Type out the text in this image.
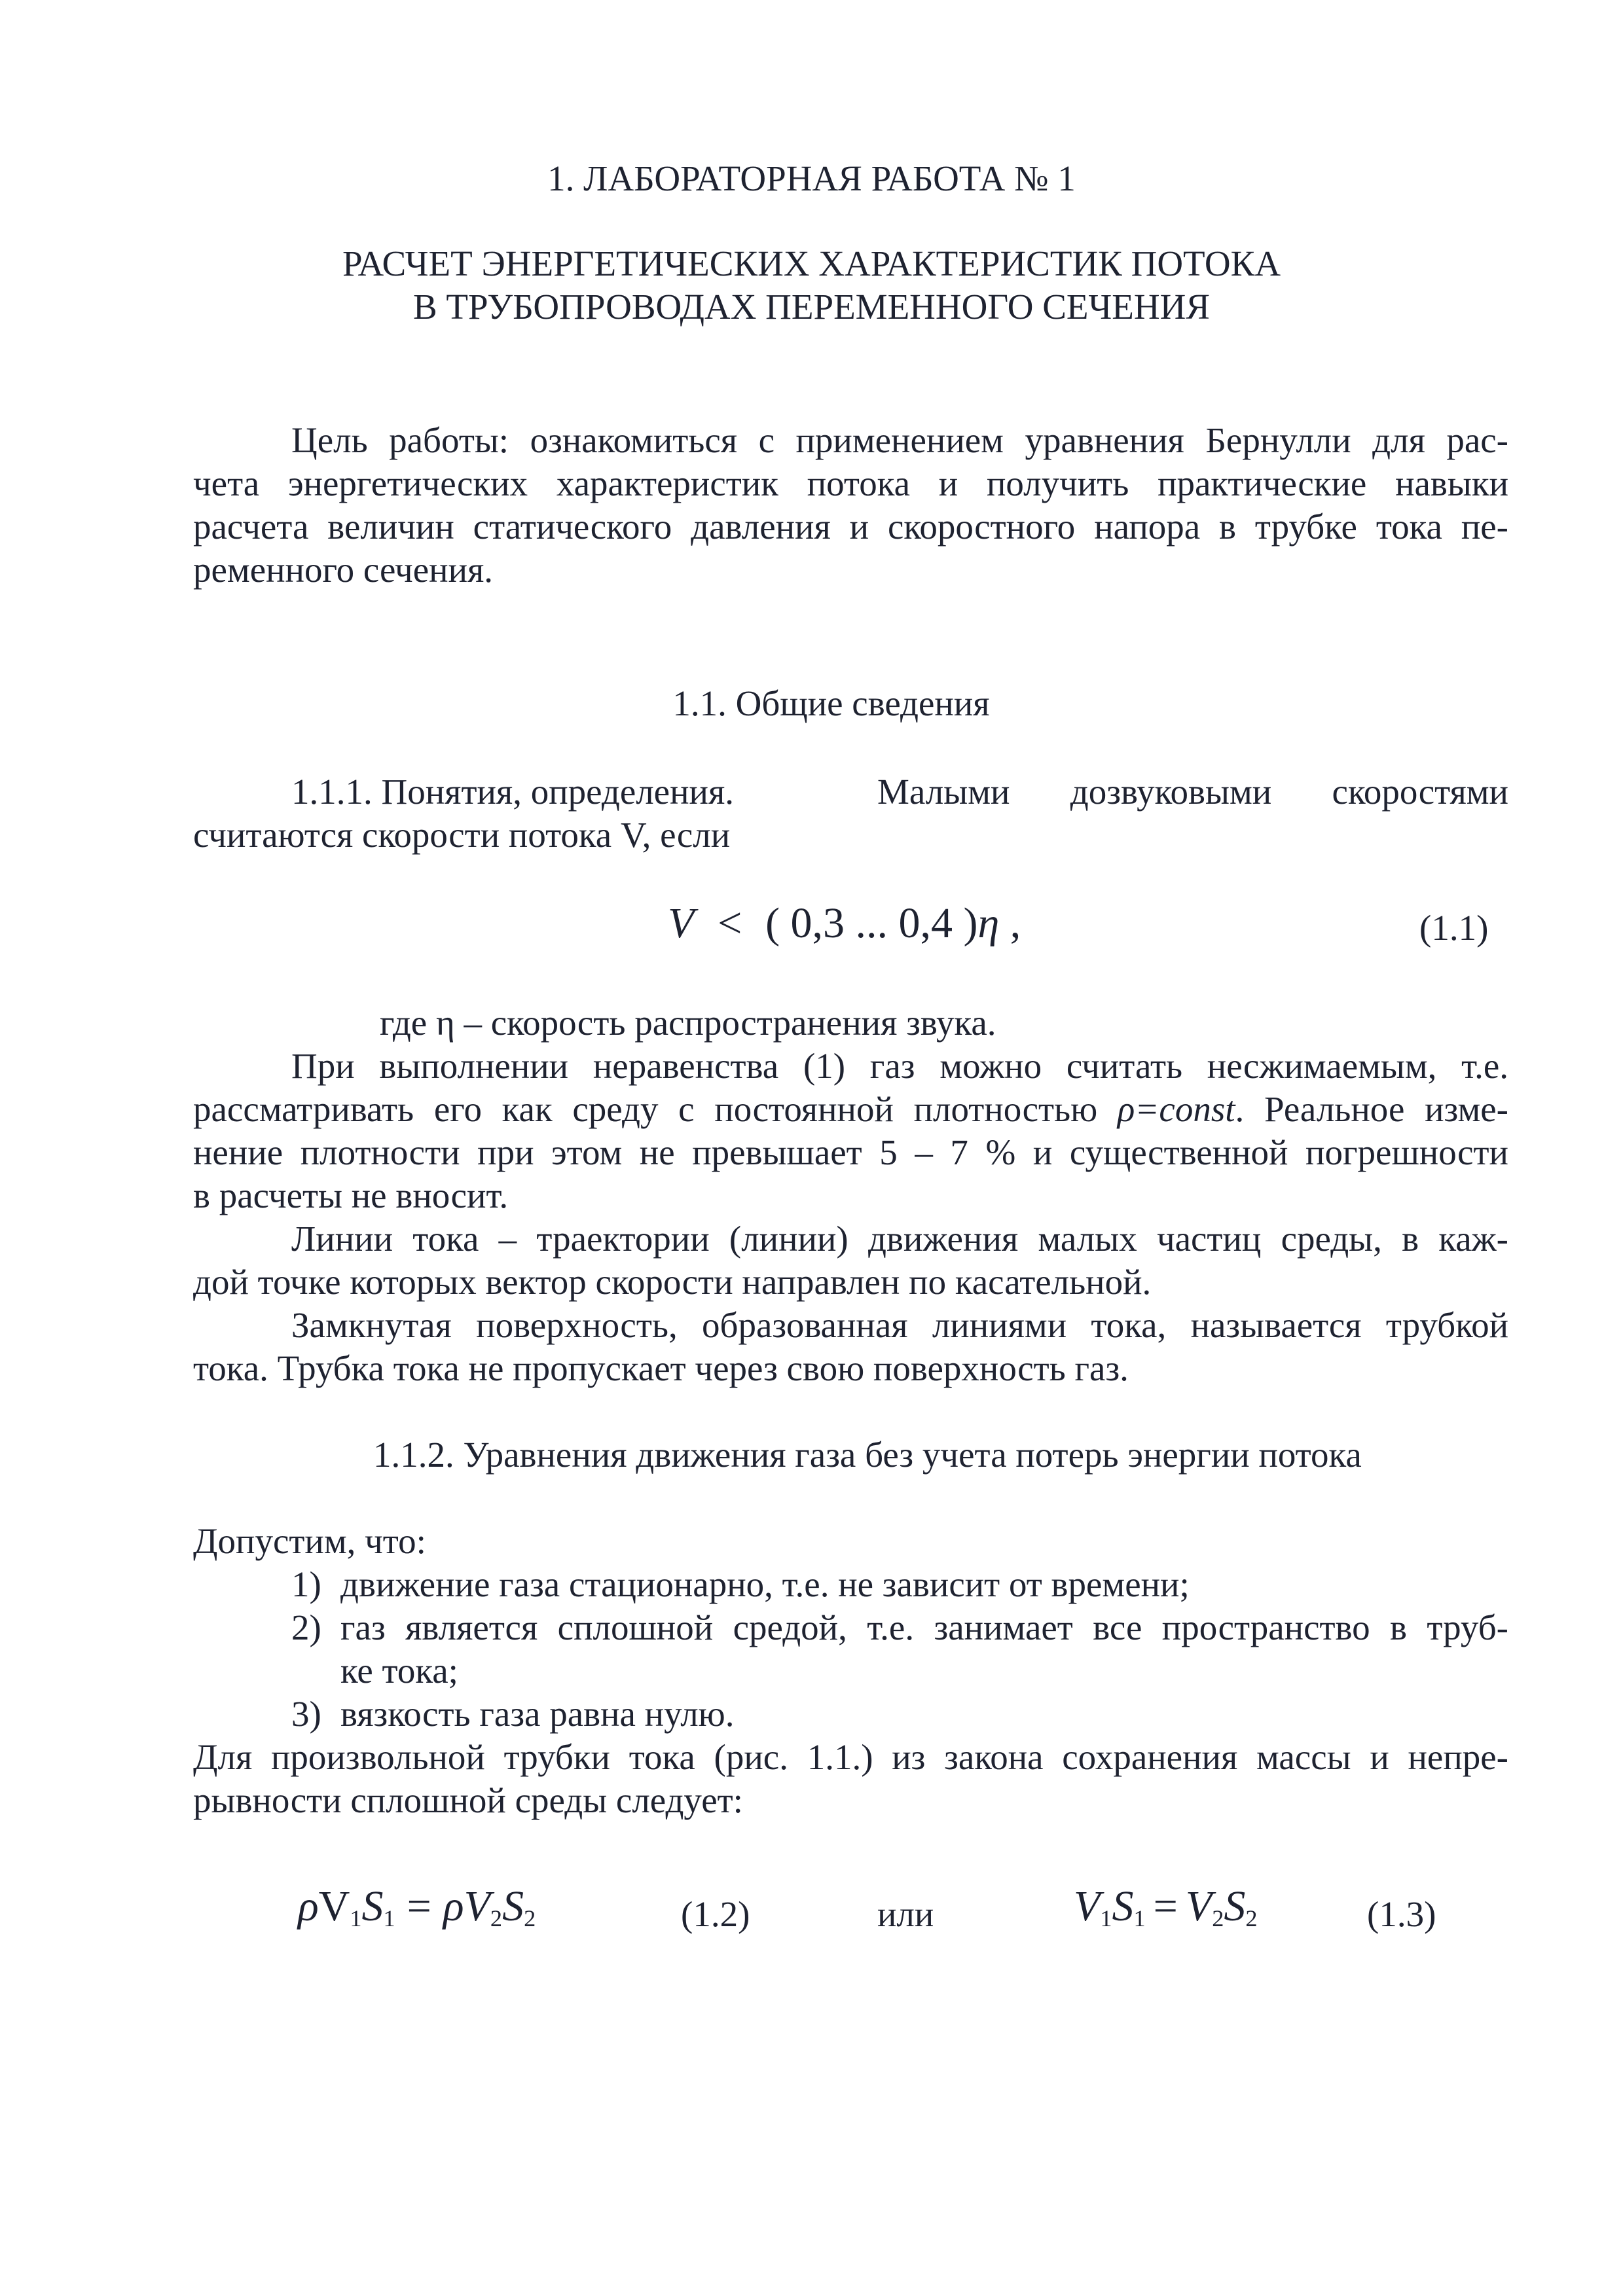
1. ЛАБОРАТОРНАЯ РАБОТА № 1

РАСЧЕТ ЭНЕРГЕТИЧЕСКИХ ХАРАКТЕРИСТИК ПОТОКА

В ТРУБОПРОВОДАХ ПЕРЕМЕННОГО СЕЧЕНИЯ

Цель работы: ознакомиться с применением уравнения Бернулли для рас-

чета энергетических характеристик потока и получить практические навыки

расчета величин статического давления и скоростного напора в трубке тока пе-

ременного сечения.

1.1. Общие сведения

1.1.1. Понятия, определения.	Малыми дозвуковыми скоростями

считаются скорости потока V, если

V < ( 0,3 ... 0,4 )η ,	(1.1)

где η – скорость распространения звука.

При выполнении неравенства (1) газ можно считать несжимаемым, т.е.

рассматривать его как среду с постоянной плотностью ρ=const. Реальное изме-

нение плотности при этом не превышает 5 – 7 % и существенной погрешности

в расчеты не вносит.

Линии тока – траектории (линии) движения малых частиц среды, в каж-

дой точке которых вектор скорости направлен по касательной.

Замкнутая поверхность, образованная линиями тока, называется трубкой

тока. Трубка тока не пропускает через свою поверхность газ.

1.1.2. Уравнения движения газа без учета потерь энергии потока

Допустим, что:

1) движение газа стационарно, т.е. не зависит от времени;

2) газ является сплошной средой, т.е. занимает все пространство в труб-

ке тока;

3) вязкость газа равна нулю.

Для произвольной трубки тока (рис. 1.1.) из закона сохранения массы и непре-

рывности сплошной среды следует:

$\rho V_1S_1 = \rho V_2S_2$	(1.2)	или	$V_1S_1 = V_2S_2$	(1.3)
